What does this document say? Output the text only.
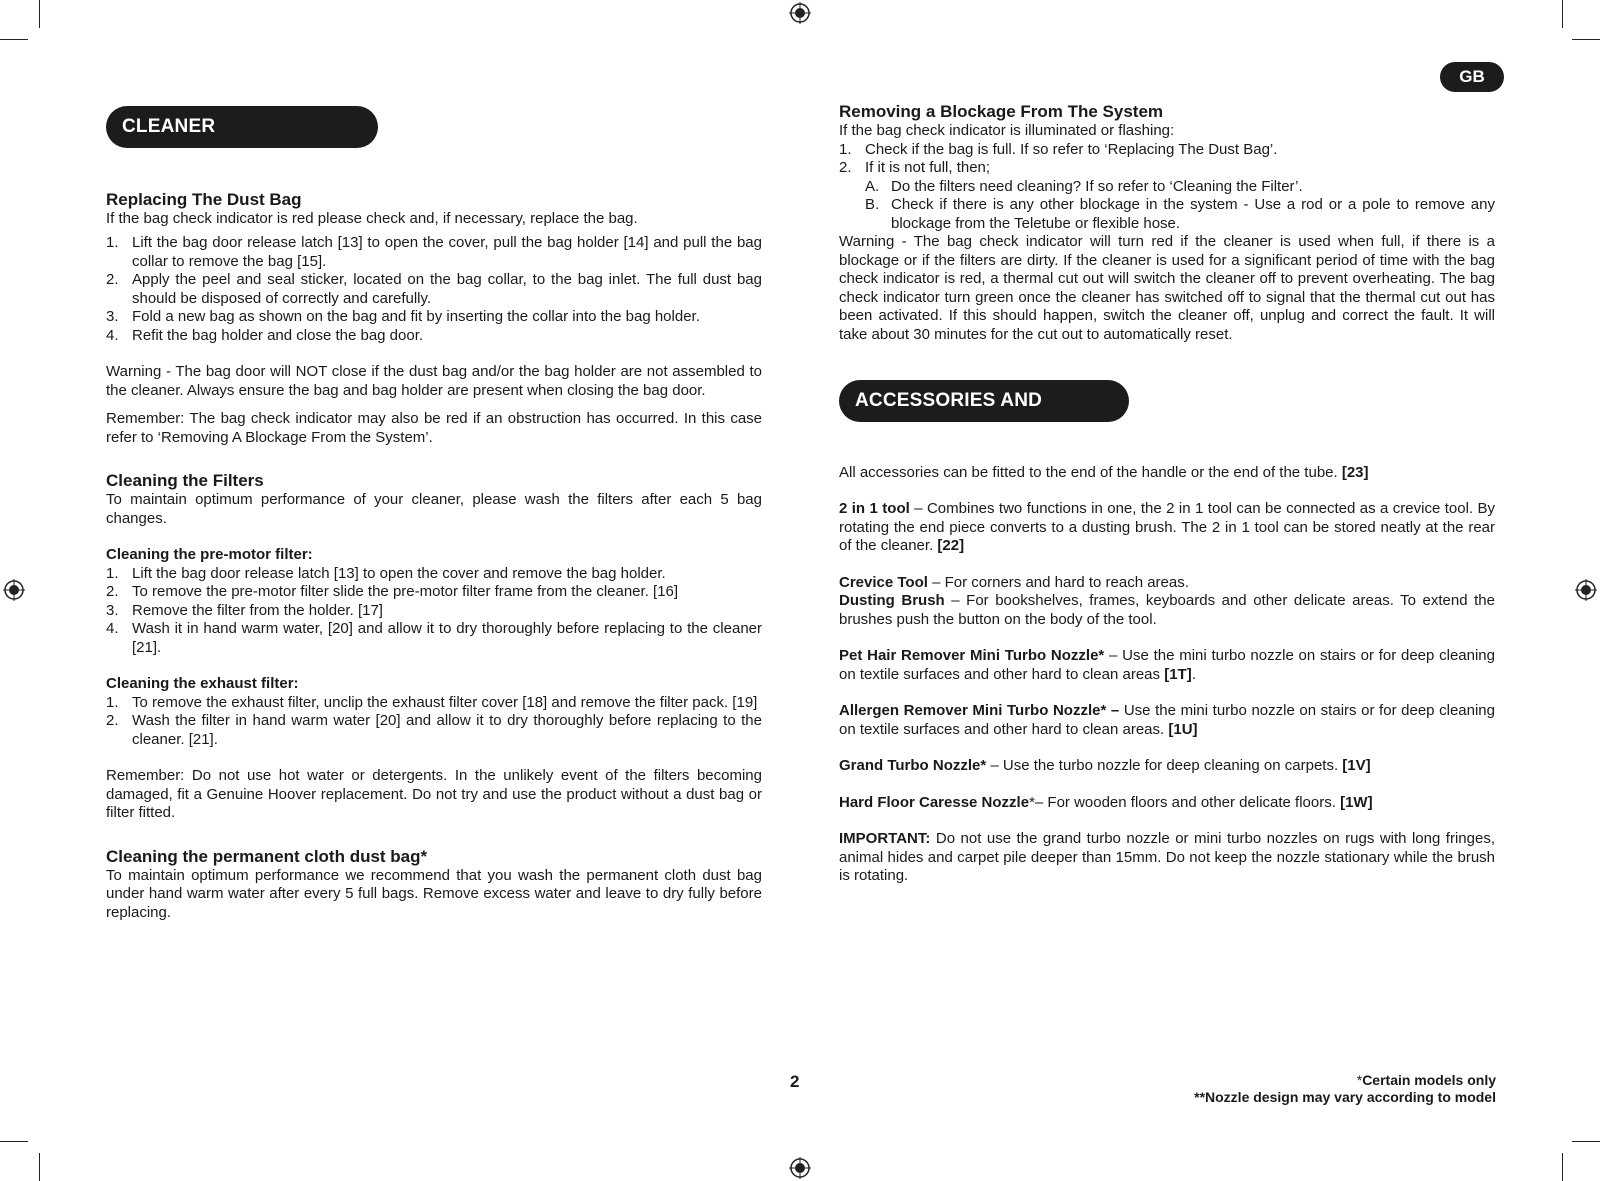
GB
CLEANER MAINTENANCE
Replacing The Dust Bag

If the bag check indicator is red please check and, if necessary, replace the bag.

1. Lift the bag door release latch [13] to open the cover, pull the bag holder [14] and pull the bag collar to remove the bag [15].
2. Apply the peel and seal sticker, located on the bag collar, to the bag inlet. The full dust bag should be disposed of correctly and carefully.
3. Fold a new bag as shown on the bag and fit by inserting the collar into the bag holder.
4. Refit the bag holder and close the bag door.

Warning - The bag door will NOT close if the dust bag and/or the bag holder are not assembled to the cleaner. Always ensure the bag and bag holder are present when closing the bag door.

Remember: The bag check indicator may also be red if an obstruction has occurred. In this case refer to ‘Removing A Blockage From the System’.

Cleaning the Filters

To maintain optimum performance of your cleaner, please wash the filters after each 5 bag changes.

Cleaning the pre-motor filter:
1. Lift the bag door release latch [13] to open the cover and remove the bag holder.
2. To remove the pre-motor filter slide the pre-motor filter frame from the cleaner. [16]
3. Remove the filter from the holder. [17]
4. Wash it in hand warm water, [20] and allow it to dry thoroughly before replacing to the cleaner [21].
Cleaning the exhaust filter:
1. To remove the exhaust filter, unclip the exhaust filter cover [18] and remove the filter pack. [19]
2. Wash the filter in hand warm water [20] and allow it to dry thoroughly before replacing to the cleaner. [21].

Remember: Do not use hot water or detergents. In the unlikely event of the filters becoming damaged, fit a Genuine Hoover replacement. Do not try and use the product without a dust bag or filter fitted.

Cleaning the permanent cloth dust bag*

To maintain optimum performance we recommend that you wash the permanent cloth dust bag under hand warm water after every 5 full bags. Remove excess water and leave to dry fully before replacing.

Removing a Blockage From The System

If the bag check indicator is illuminated or flashing:

1. Check if the bag is full. If so refer to ‘Replacing The Dust Bag’.
2. If it is not full, then;
A. Do the filters need cleaning? If so refer to ‘Cleaning the Filter’.
B. Check if there is any other blockage in the system - Use a rod or a pole to remove any blockage from the Teletube or flexible hose.

Warning - The bag check indicator will turn red if the cleaner is used when full, if there is a blockage or if the filters are dirty. If the cleaner is used for a significant period of time with the bag check indicator is red, a thermal cut out will switch the cleaner off to prevent overheating. The bag check indicator turn green once the cleaner has switched off to signal that the thermal cut out has been activated. If this should happen, switch the cleaner off, unplug and correct the fault. It will take about 30 minutes for the cut out to automatically reset.

ACCESSORIES AND NOZZLES

All accessories can be fitted to the end of the handle or the end of the tube. [23]

2 in 1 tool – Combines two functions in one, the 2 in 1 tool can be connected as a crevice tool. By rotating the end piece converts to a dusting brush. The 2 in 1 tool can be stored neatly at the rear of the cleaner. [22]

Crevice Tool – For corners and hard to reach areas.

Dusting Brush – For bookshelves, frames, keyboards and other delicate areas. To extend the brushes push the button on the body of the tool.

Pet Hair Remover Mini Turbo Nozzle* – Use the mini turbo nozzle on stairs or for deep cleaning on textile surfaces and other hard to clean areas [1T].

Allergen Remover Mini Turbo Nozzle* – Use the mini turbo nozzle on stairs or for deep cleaning on textile surfaces and other hard to clean areas. [1U]

Grand Turbo Nozzle* – Use the turbo nozzle for deep cleaning on carpets. [1V]

Hard Floor Caresse Nozzle*– For wooden floors and other delicate floors. [1W]

IMPORTANT: Do not use the grand turbo nozzle or mini turbo nozzles on rugs with long fringes, animal hides and carpet pile deeper than 15mm. Do not keep the nozzle stationary while the brush is rotating.

2	*Certain models only
**Nozzle design may vary according to model
